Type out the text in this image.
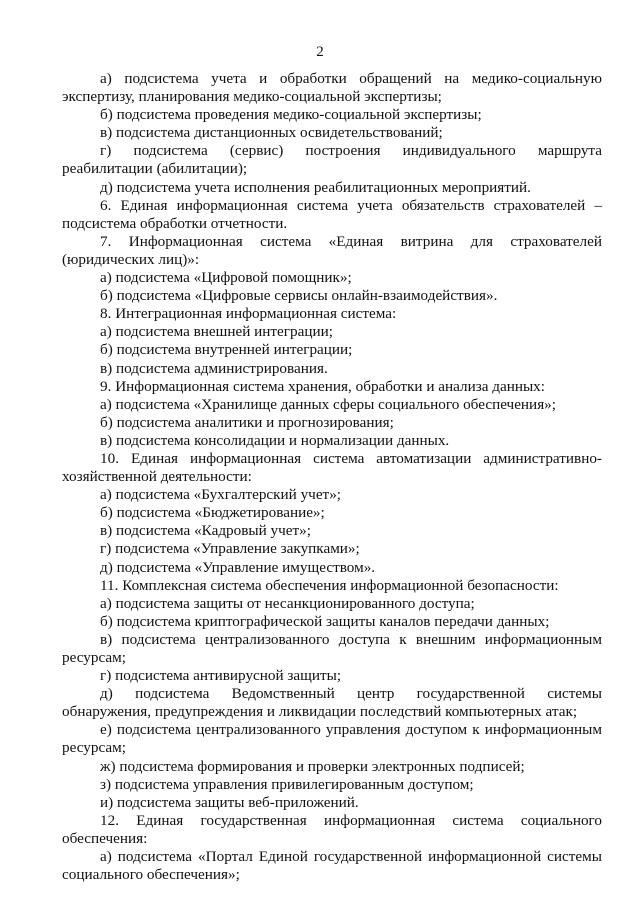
2

а) подсистема учета и обработки обращений на медико-социальную экспертизу, планирования медико-социальной экспертизы;

б) подсистема проведения медико-социальной экспертизы;

в) подсистема дистанционных освидетельствований;

г) подсистема (сервис) построения индивидуального маршрута реабилитации (абилитации);

д) подсистема учета исполнения реабилитационных мероприятий.

6. Единая информационная система учета обязательств страхователей – подсистема обработки отчетности.

7. Информационная система «Единая витрина для страхователей (юридических лиц)»:

а) подсистема «Цифровой помощник»;

б) подсистема «Цифровые сервисы онлайн-взаимодействия».

8. Интеграционная информационная система:

а) подсистема внешней интеграции;

б) подсистема внутренней интеграции;

в) подсистема администрирования.

9. Информационная система хранения, обработки и анализа данных:

а) подсистема «Хранилище данных сферы социального обеспечения»;

б) подсистема аналитики и прогнозирования;

в) подсистема консолидации и нормализации данных.

10. Единая информационная система автоматизации административно-хозяйственной деятельности:

а) подсистема «Бухгалтерский учет»;

б) подсистема «Бюджетирование»;

в) подсистема «Кадровый учет»;

г) подсистема «Управление закупками»;

д) подсистема «Управление имуществом».

11. Комплексная система обеспечения информационной безопасности:

а) подсистема защиты от несанкционированного доступа;

б) подсистема криптографической защиты каналов передачи данных;

в) подсистема централизованного доступа к внешним информационным ресурсам;

г) подсистема антивирусной защиты;

д) подсистема Ведомственный центр государственной системы обнаружения, предупреждения и ликвидации последствий компьютерных атак;

е) подсистема централизованного управления доступом к информационным ресурсам;

ж) подсистема формирования и проверки электронных подписей;

з) подсистема управления привилегированным доступом;

и) подсистема защиты веб-приложений.

12. Единая государственная информационная система социального обеспечения:

а) подсистема «Портал Единой государственной информационной системы социального обеспечения»;
